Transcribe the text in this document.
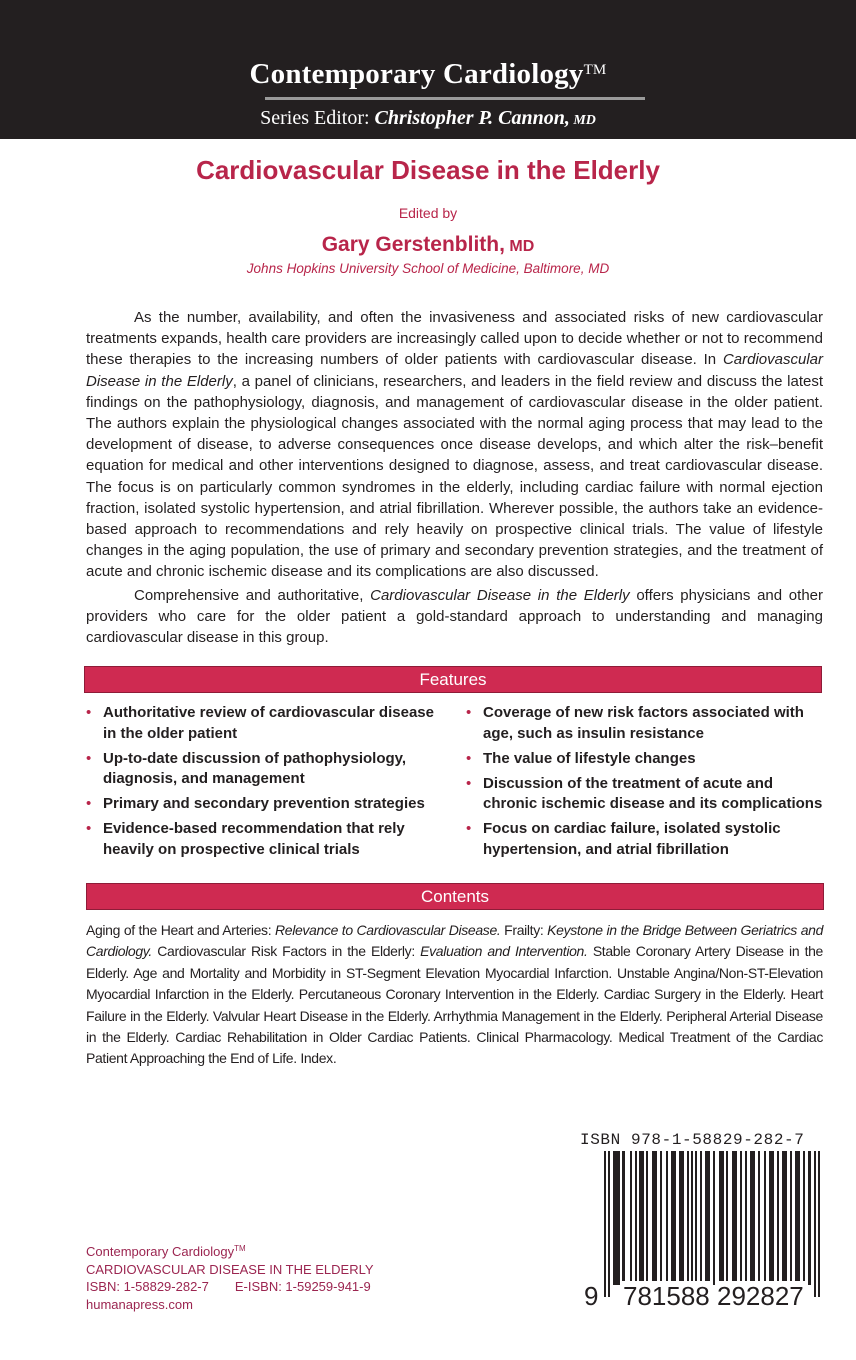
Contemporary Cardiology™
Series Editor: Christopher P. Cannon, MD
Cardiovascular Disease in the Elderly
Edited by
Gary Gerstenblith, MD
Johns Hopkins University School of Medicine, Baltimore, MD
As the number, availability, and often the invasiveness and associated risks of new cardiovascular treatments expands, health care providers are increasingly called upon to decide whether or not to recommend these therapies to the increasing numbers of older patients with cardiovascular disease. In Cardiovascular Disease in the Elderly, a panel of clinicians, researchers, and leaders in the field review and discuss the latest findings on the pathophysiology, diagnosis, and management of cardiovascular disease in the older patient. The authors explain the physiological changes associated with the normal aging process that may lead to the development of disease, to adverse consequences once disease develops, and which alter the risk–benefit equation for medical and other interventions designed to diagnose, assess, and treat cardiovascular disease. The focus is on particularly common syndromes in the elderly, including cardiac failure with normal ejection fraction, isolated systolic hypertension, and atrial fibrillation. Wherever possible, the authors take an evidence-based approach to recommendations and rely heavily on prospective clinical trials. The value of lifestyle changes in the aging population, the use of primary and secondary prevention strategies, and the treatment of acute and chronic ischemic disease and its complications are also discussed.
Comprehensive and authoritative, Cardiovascular Disease in the Elderly offers physicians and other providers who care for the older patient a gold-standard approach to understanding and managing cardiovascular disease in this group.
Features
• Authoritative review of cardiovascular disease in the older patient
• Up-to-date discussion of pathophysiology, diagnosis, and management
• Primary and secondary prevention strategies
• Evidence-based recommendation that rely heavily on prospective clinical trials
• Coverage of new risk factors associated with age, such as insulin resistance
• The value of lifestyle changes
• Discussion of the treatment of acute and chronic ischemic disease and its complications
• Focus on cardiac failure, isolated systolic hypertension, and atrial fibrillation
Contents
Aging of the Heart and Arteries: Relevance to Cardiovascular Disease. Frailty: Keystone in the Bridge Between Geriatrics and Cardiology. Cardiovascular Risk Factors in the Elderly: Evaluation and Intervention. Stable Coronary Artery Disease in the Elderly. Age and Mortality and Morbidity in ST-Segment Elevation Myocardial Infarction. Unstable Angina/Non-ST-Elevation Myocardial Infarction in the Elderly. Percutaneous Coronary Intervention in the Elderly. Cardiac Surgery in the Elderly. Heart Failure in the Elderly. Valvular Heart Disease in the Elderly. Arrhythmia Management in the Elderly. Peripheral Arterial Disease in the Elderly. Cardiac Rehabilitation in Older Cardiac Patients. Clinical Pharmacology. Medical Treatment of the Cardiac Patient Approaching the End of Life. Index.
Contemporary Cardiology™
CARDIOVASCULAR DISEASE IN THE ELDERLY
ISBN: 1-58829-282-7 E-ISBN: 1-59259-941-9
humanapress.com
ISBN 978-1-58829-282-7
9 781588 292827
